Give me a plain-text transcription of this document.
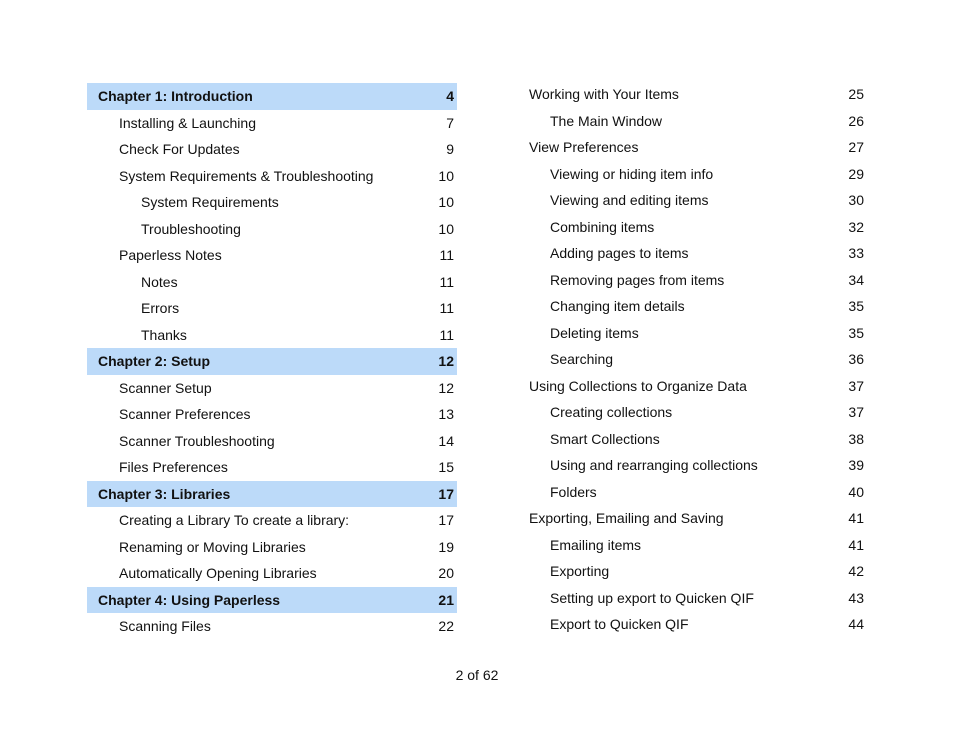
Chapter 1: Introduction	4
Installing & Launching	7
Check For Updates	9
System Requirements & Troubleshooting	10
System Requirements	10
Troubleshooting	10
Paperless Notes	11
Notes	11
Errors	11
Thanks	11
Chapter 2: Setup	12
Scanner Setup	12
Scanner Preferences	13
Scanner Troubleshooting	14
Files Preferences	15
Chapter 3: Libraries	17
Creating a Library To create a library:	17
Renaming or Moving Libraries	19
Automatically Opening Libraries	20
Chapter 4: Using Paperless	21
Scanning Files	22
Working with Your Items	25
The Main Window	26
View Preferences	27
Viewing or hiding item info	29
Viewing and editing items	30
Combining items	32
Adding pages to items	33
Removing pages from items	34
Changing item details	35
Deleting items	35
Searching	36
Using Collections to Organize Data	37
Creating collections	37
Smart Collections	38
Using and rearranging collections	39
Folders	40
Exporting, Emailing and Saving	41
Emailing items	41
Exporting	42
Setting up export to Quicken QIF	43
Export to Quicken QIF	44
2 of 62
